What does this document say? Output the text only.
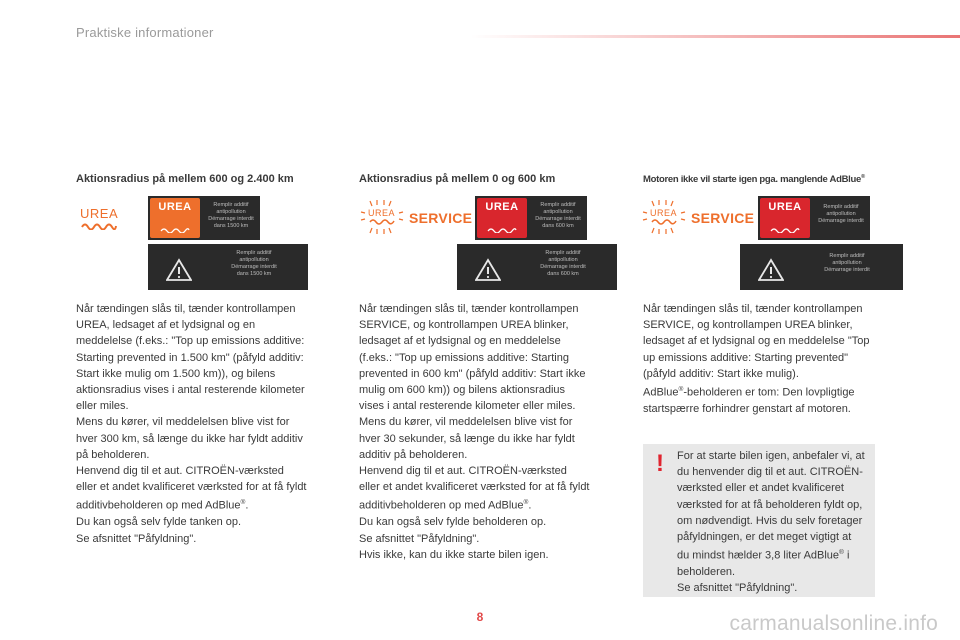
Praktiske informationer
Aktionsradius på mellem 600 og 2.400 km
UREA	UREA	Remplir additif
antipollution
Démarrage interdit
dans 1500 km
Remplir additif
antipollution
Démarrage interdit
dans 1500 km
Når tændingen slås til, tænder kontrollampen
UREA, ledsaget af et lydsignal og en
meddelelse (f.eks.: "Top up emissions additive:
Starting prevented in 1.500 km" (påfyld additiv:
Start ikke mulig om 1.500 km)), og bilens
aktionsradius vises i antal resterende kilometer
eller miles.
Mens du kører, vil meddelelsen blive vist for
hver 300 km, så længe du ikke har fyldt additiv
på beholderen.
Henvend dig til et aut. CITROËN-værksted
eller et andet kvalificeret værksted for at få fyldt
additivbeholderen op med AdBlue®.
Du kan også selv fylde tanken op.
Se afsnittet "Påfyldning".
Aktionsradius på mellem 0 og 600 km
UREA SERVICE
UREA	Remplir additif
antipollution
Démarrage interdit
dans 600 km
Remplir additif
antipollution
Démarrage interdit
dans 600 km
Når tændingen slås til, tænder kontrollampen
SERVICE, og kontrollampen UREA blinker,
ledsaget af et lydsignal og en meddelelse
(f.eks.: "Top up emissions additive: Starting
prevented in 600 km" (påfyld additiv: Start ikke
mulig om 600 km)) og bilens aktionsradius
vises i antal resterende kilometer eller miles.
Mens du kører, vil meddelelsen blive vist for
hver 30 sekunder, så længe du ikke har fyldt
additiv på beholderen.
Henvend dig til et aut. CITROËN-værksted
eller et andet kvalificeret værksted for at få fyldt
additivbeholderen op med AdBlue®.
Du kan også selv fylde beholderen op.
Se afsnittet "Påfyldning".
Hvis ikke, kan du ikke starte bilen igen.
Motoren ikke vil starte igen pga. manglende AdBlue®
UREA SERVICE
UREA	Remplir additif
antipollution
Démarrage interdit
Remplir additif
antipollution
Démarrage interdit
Når tændingen slås til, tænder kontrollampen
SERVICE, og kontrollampen UREA blinker,
ledsaget af et lydsignal og en meddelelse "Top
up emissions additive: Starting prevented"
(påfyld additiv: Start ikke mulig).
AdBlue®-beholderen er tom: Den lovpligtige
startspærre forhindrer genstart af motoren.
! For at starte bilen igen, anbefaler vi, at
du henvender dig til et aut. CITROËN-
værksted eller et andet kvalificeret
værksted for at få beholderen fyldt op,
om nødvendigt. Hvis du selv foretager
påfyldningen, er det meget vigtigt at
du mindst hælder 3,8 liter AdBlue® i
beholderen.
Se afsnittet "Påfyldning".
8	carmanualsonline.info
